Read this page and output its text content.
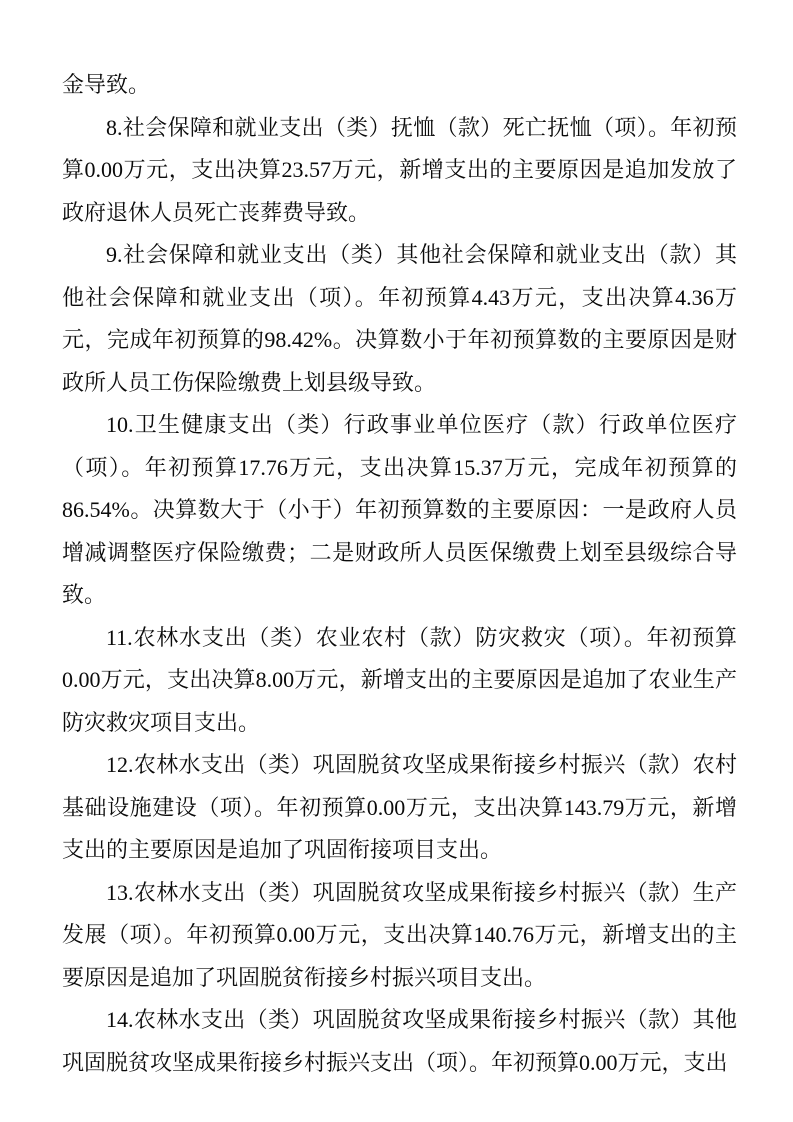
金导致。

8.社会保障和就业支出（类）抚恤（款）死亡抚恤（项）。年初预算0.00万元，支出决算23.57万元，新增支出的主要原因是追加发放了政府退休人员死亡丧葬费导致。

9.社会保障和就业支出（类）其他社会保障和就业支出（款）其他社会保障和就业支出（项）。年初预算4.43万元，支出决算4.36万元，完成年初预算的98.42%。决算数小于年初预算数的主要原因是财政所人员工伤保险缴费上划县级导致。

10.卫生健康支出（类）行政事业单位医疗（款）行政单位医疗（项）。年初预算17.76万元，支出决算15.37万元，完成年初预算的86.54%。决算数大于（小于）年初预算数的主要原因：一是政府人员增减调整医疗保险缴费；二是财政所人员医保缴费上划至县级综合导致。

11.农林水支出（类）农业农村（款）防灾救灾（项）。年初预算0.00万元，支出决算8.00万元，新增支出的主要原因是追加了农业生产防灾救灾项目支出。

12.农林水支出（类）巩固脱贫攻坚成果衔接乡村振兴（款）农村基础设施建设（项）。年初预算0.00万元，支出决算143.79万元，新增支出的主要原因是追加了巩固衔接项目支出。

13.农林水支出（类）巩固脱贫攻坚成果衔接乡村振兴（款）生产发展（项）。年初预算0.00万元，支出决算140.76万元，新增支出的主要原因是追加了巩固脱贫衔接乡村振兴项目支出。

14.农林水支出（类）巩固脱贫攻坚成果衔接乡村振兴（款）其他巩固脱贫攻坚成果衔接乡村振兴支出（项）。年初预算0.00万元，支出
